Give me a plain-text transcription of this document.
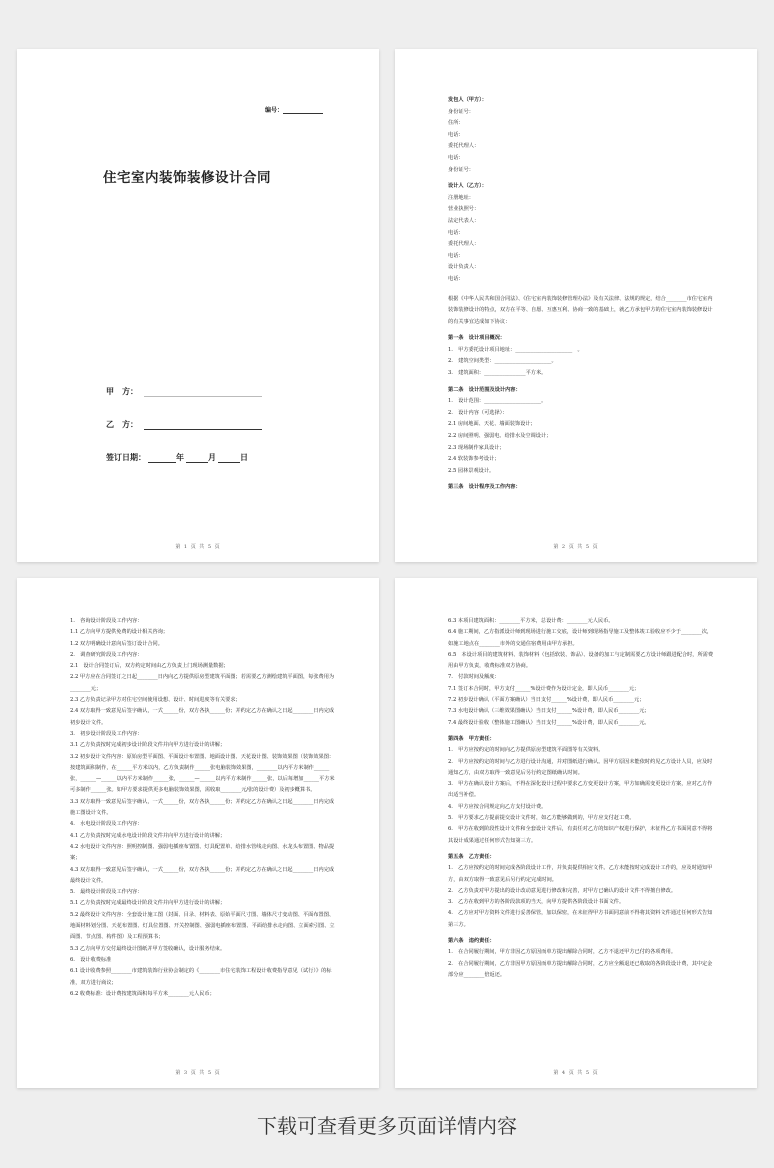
编号：
住宅室内装饰装修设计合同
甲　方：
乙　方：
签订日期：	年	月	日
第 1 页 共 5 页
发包人（甲方）：
身份证号：
住所：
电话：
委托代理人：
电话：
身份证号：
设计人（乙方）：
注册地址：
营业执照号：
法定代表人：
电话：
委托代理人：
电话：
设计负责人：
电话：
根据《中华人民共和国合同法》、《住宅室内装饰装修管理办法》及有关法律、法规的规定，结合________市住宅室内装饰装修设计的特点，双方在平等、自愿、互惠互利、协商一致的基础上，就乙方承包甲方的住宅室内装饰装修设计的有关事宜达成如下协议：
第一条　设计项目概况：
1.　甲方委托设计项目地址：______________________　。
2.　建筑空间类型：______________________。
3.　建筑面积：________________平方米。
第二条　设计范围及设计内容：
1.　设计范围：______________________。
2.　设计内容（可选择）：
2.1 房间地面、天花、墙面装饰设计；
2.2 房间照明、强弱电、给排水及空调设计；
2.3 现场制作家具设计；
2.4 软装饰参考设计；
2.5 园林景观设计。
第三条　设计程序及工作内容：
第 2 页 共 5 页
1.　咨询设计阶段及工作内容：
1.1 乙方向甲方提供免费的设计相关咨询；
1.2 双方明确设计意向后签订设计合同。
2.　调查研究阶段及工作内容：
2.1　设计合同签订后，双方约定时间由乙方负责上门现场测量数据；
2.2 甲方应在合同签订之日起________日内向乙方提供原房型建筑平面图；若需要乙方测绘建筑平面图，每张费用为________元；
2.3 乙方负责记录甲方对住宅空间使用设想、设计、时间进度等有关要求；
2.4 双方取得一致意见后签字确认，一式______份，双方各执______份；并约定乙方在确认之日起________日内完成初步设计文件。
3.　初步设计阶段及工作内容：
3.1 乙方负责按时完成初步设计阶段文件并向甲方进行设计的讲解；
3.2 初步设计文件内容：原始房型平面图、平面设计布置图、地面设计图、天花设计图、装饰效果图（装饰效果图：按建筑面积制作，在______平方米以内，乙方负责制作______张电脑装饰效果图，________以内平方米制作______张，______—______以内平方米制作______张，______—______以内平方米制作______张，以后每增加______平方米可多制作______张。如甲方要求提供更多电脑装饰效果图，需收取________元/张的设计费）及初步概算书。
3.3 双方取得一致意见后签字确认，一式______份，双方各执______份；并约定乙方在确认之日起________日内完成施工图设计文件。
4.　水电设计阶段及工作内容：
4.1 乙方负责按时完成水电设计阶段文件并向甲方进行设计的讲解；
4.2 水电设计文件内容：照明控制图、强弱电插座布置图、灯具配置单、给排水管线走向图、水龙头布置图、物品提案；
4.3 双方取得一致意见后签字确认，一式______份，双方各执______份；并约定乙方在确认之日起________日内完成最终设计文件。
5.　最终设计阶段及工作内容：
5.1 乙方负责按时完成最终设计阶段文件并向甲方进行设计的讲解；
5.2 最终设计文件内容：全套设计施工图（封面、目录、材料表、原始平面尺寸图、墙体尺寸变动图、平面布置图、地面材料划分图、天花布置图、灯具位置图、开关控制图、强弱电插座布置图、平面给排水走向图、立面索引图、立面图、节点图、构件图）及工程预算书；
5.3 乙方向甲方交付最终设计图纸并甲方签收确认，设计服务结束。
6.　设计收费标准
6.1 设计收费参照________市建筑装饰行业协会制定的《________市住宅装饰工程设计收费指导意见（试行）》的标准，双方进行商议；
6.2 收费标准：设计费按建筑面积每平方米________元人民币；
第 3 页 共 5 页
6.3 本项目建筑面积：________平方米，总设计费：________元人民币。
6.4 施工期间，乙方指派设计师到现场进行施工交底，设计师到现场指导施工及整体竣工验收应不少于________次，如施工地点在________市外的交通住宿费用由甲方承担。
6.5　本设计项目的建筑材料、装饰材料（包括软装、饰品）、设备的加工与定制需要乙方设计师跟进配合时，所需费用由甲方负责，收费标准双方协商。
7.　付款时间及额度：
7.1 签订本合同时，甲方支付______%设计费作为设计定金，即人民币________元；
7.2 初步设计确认（平面方案确认）当日支付______%设计费，即人民币________元；
7.3 水电设计确认（三维效果图确认）当日支付______%设计费，即人民币________元；
7.4 最终设计验收（整体施工图确认）当日支付______%设计费，即人民币________元。
第四条　甲方责任：
1.　甲方应按约定的时间向乙方提供原房型建筑平面图等有关资料。
2.　甲方应按约定的时间与乙方进行设计沟通，并对图纸进行确认。因甲方原因未能依时约见乙方设计人员，应及时通知乙方，由双方取得一致意见后另行约定图纸确认时间。
3.　甲方在确认设计方案后，不得在深化设计过程中要求乙方变更设计方案，甲方如确需变更设计方案，应对乙方作出适当补偿。
4.　甲方应按合同规定向乙方支付设计费。
5.　甲方要求乙方提前提交设计文件时，如乙方能够做到的，甲方应支付赶工费。
6.　甲方在收到阶段性设计文件和全套设计文件后，有责任对乙方的知识产权进行保护，未征得乙方书面同意不得将其设计成果通过任何形式告知第三方。
第五条　乙方责任：
1.　乙方应按约定的时间完成各阶段设计工作，并负责提供相应文件。乙方未能按时完成设计工作的，应及时通知甲方，由双方取得一致意见后另行约定完成时间。
2.　乙方负责对甲方提出的设计改动意见进行修改和完善，对甲方已确认的设计文件不得擅自修改。
3.　乙方在收到甲方的各阶段款项的当天，向甲方提供各阶段设计书面文件。
4.　乙方应对甲方资料文件进行妥善保管，加以保密，在未征得甲方书面同意前不得将其资料文件通过任何形式告知第三方。
第六条　违约责任：
1.　在合同履行期间，甲方非因乙方原因而单方提出解除合同时，乙方不退还甲方已付的各项费用。
2.　在合同履行期间，乙方非因甲方原因而单方提出解除合同时，乙方应全额退还已收取的各阶段设计费，其中定金部分应________倍返还。
第 4 页 共 5 页
下载可查看更多页面详情内容
